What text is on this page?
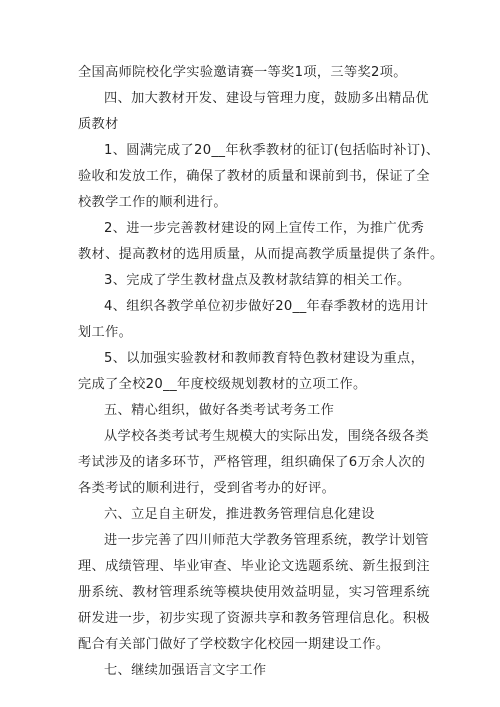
全国高师院校化学实验邀请赛一等奖1项，三等奖2项。
四、加大教材开发、建设与管理力度，鼓励多出精品优
质教材
1、圆满完成了20__年秋季教材的征订(包括临时补订)、
验收和发放工作，确保了教材的质量和课前到书，保证了全
校教学工作的顺利进行。
2、进一步完善教材建设的网上宣传工作，为推广优秀
教材、提高教材的选用质量，从而提高教学质量提供了条件。
3、完成了学生教材盘点及教材款结算的相关工作。
4、组织各教学单位初步做好20__年春季教材的选用计
划工作。
5、以加强实验教材和教师教育特色教材建设为重点，
完成了全校20__年度校级规划教材的立项工作。
五、精心组织，做好各类考试考务工作
从学校各类考试考生规模大的实际出发，围绕各级各类
考试涉及的诸多环节，严格管理，组织确保了6万余人次的
各类考试的顺利进行，受到省考办的好评。
六、立足自主研发，推进教务管理信息化建设
进一步完善了四川师范大学教务管理系统，教学计划管
理、成绩管理、毕业审查、毕业论文选题系统、新生报到注
册系统、教材管理系统等模块使用效益明显，实习管理系统
研发进一步，初步实现了资源共享和教务管理信息化。积极
配合有关部门做好了学校数字化校园一期建设工作。
七、继续加强语言文字工作
